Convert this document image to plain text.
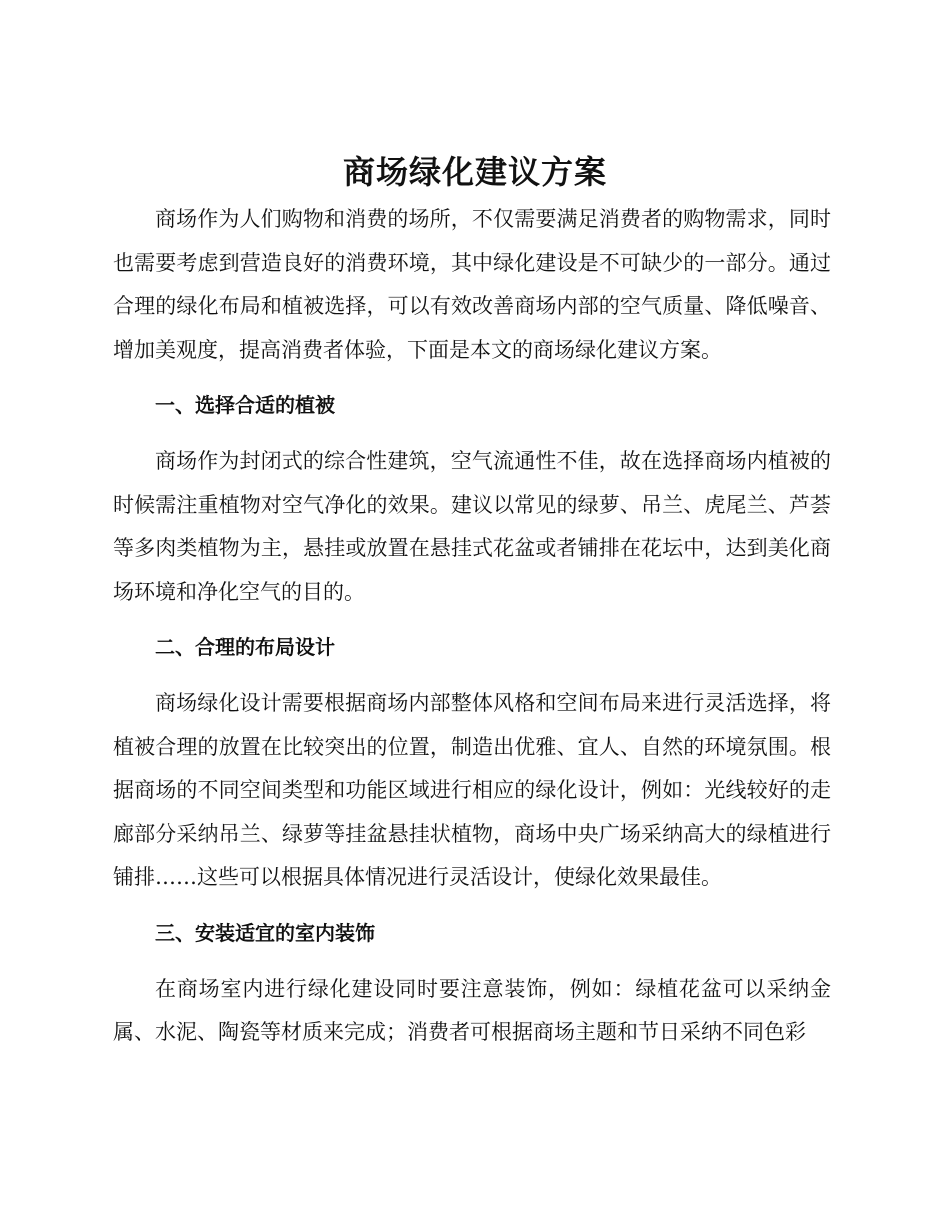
商场绿化建议方案

商场作为人们购物和消费的场所，不仅需要满足消费者的购物需求，同时也需要考虑到营造良好的消费环境，其中绿化建设是不可缺少的一部分。通过合理的绿化布局和植被选择，可以有效改善商场内部的空气质量、降低噪音、增加美观度，提高消费者体验，下面是本文的商场绿化建议方案。

一、选择合适的植被

商场作为封闭式的综合性建筑，空气流通性不佳，故在选择商场内植被的时候需注重植物对空气净化的效果。建议以常见的绿萝、吊兰、虎尾兰、芦荟等多肉类植物为主，悬挂或放置在悬挂式花盆或者铺排在花坛中，达到美化商场环境和净化空气的目的。

二、合理的布局设计

商场绿化设计需要根据商场内部整体风格和空间布局来进行灵活选择，将植被合理的放置在比较突出的位置，制造出优雅、宜人、自然的环境氛围。根据商场的不同空间类型和功能区域进行相应的绿化设计，例如：光线较好的走廊部分采纳吊兰、绿萝等挂盆悬挂状植物，商场中央广场采纳高大的绿植进行铺排……这些可以根据具体情况进行灵活设计，使绿化效果最佳。

三、安装适宜的室内装饰

在商场室内进行绿化建设同时要注意装饰，例如：绿植花盆可以采纳金属、水泥、陶瓷等材质来完成；消费者可根据商场主题和节日采纳不同色彩
